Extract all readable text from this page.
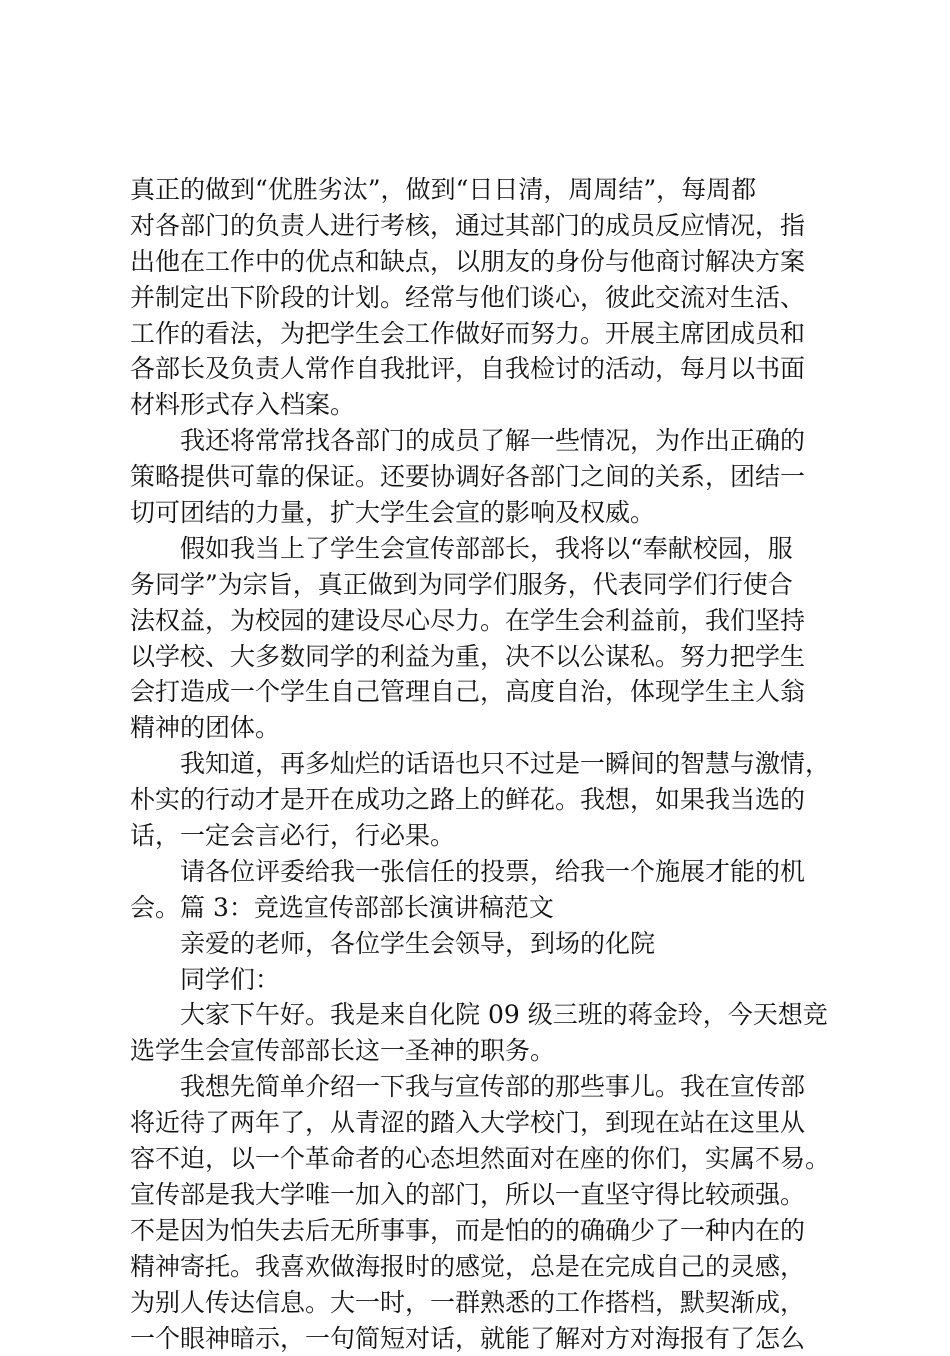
真正的做到“优胜劣汰”，做到“日日清，周周结”，每周都
对各部门的负责人进行考核，通过其部门的成员反应情况，指
出他在工作中的优点和缺点，以朋友的身份与他商讨解决方案
并制定出下阶段的计划。经常与他们谈心，彼此交流对生活、
工作的看法，为把学生会工作做好而努力。开展主席团成员和
各部长及负责人常作自我批评，自我检讨的活动，每月以书面
材料形式存入档案。
我还将常常找各部门的成员了解一些情况，为作出正确的
策略提供可靠的保证。还要协调好各部门之间的关系，团结一
切可团结的力量，扩大学生会宣的影响及权威。
假如我当上了学生会宣传部部长，我将以“奉献校园，服
务同学”为宗旨，真正做到为同学们服务，代表同学们行使合
法权益，为校园的建设尽心尽力。在学生会利益前，我们坚持
以学校、大多数同学的利益为重，决不以公谋私。努力把学生
会打造成一个学生自己管理自己，高度自治，体现学生主人翁
精神的团体。
我知道，再多灿烂的话语也只不过是一瞬间的智慧与激情，
朴实的行动才是开在成功之路上的鲜花。我想，如果我当选的
话，一定会言必行，行必果。
请各位评委给我一张信任的投票，给我一个施展才能的机
会。篇 3：竞选宣传部部长演讲稿范文
亲爱的老师，各位学生会领导，到场的化院
同学们：
大家下午好。我是来自化院 09 级三班的蒋金玲，今天想竞
选学生会宣传部部长这一圣神的职务。
我想先简单介绍一下我与宣传部的那些事儿。我在宣传部
将近待了两年了，从青涩的踏入大学校门，到现在站在这里从
容不迫，以一个革命者的心态坦然面对在座的你们，实属不易。
宣传部是我大学唯一加入的部门，所以一直坚守得比较顽强。
不是因为怕失去后无所事事，而是怕的的确确少了一种内在的
精神寄托。我喜欢做海报时的感觉，总是在完成自己的灵感，
为别人传达信息。大一时，一群熟悉的工作搭档，默契渐成，
一个眼神暗示，一句简短对话，就能了解对方对海报有了怎么
